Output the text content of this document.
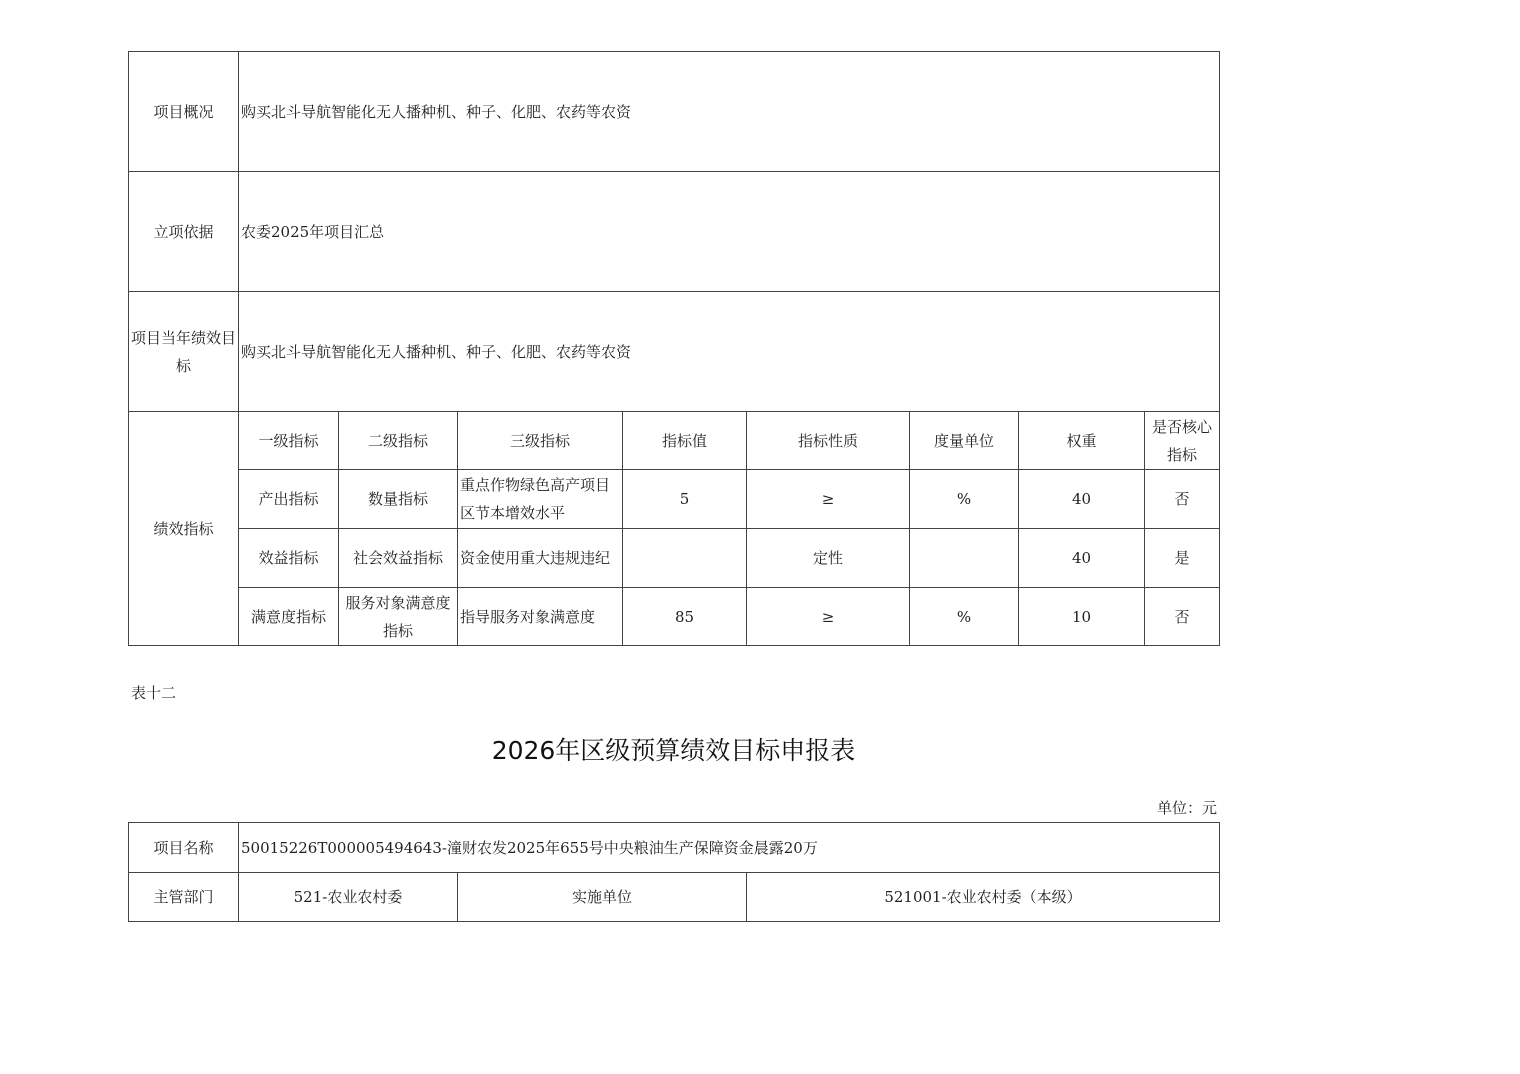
项目概况	购买北斗导航智能化无人播种机、种子、化肥、农药等农资							
立项依据	农委2025年项目汇总							
项目当年绩效目标	购买北斗导航智能化无人播种机、种子、化肥、农药等农资							
绩效指标	一级指标	二级指标	三级指标	指标值	指标性质	度量单位	权重	是否核心指标
	产出指标	数量指标	重点作物绿色高产项目区节本增效水平	5	≥	%	40	否
	效益指标	社会效益指标	资金使用重大违规违纪		定性		40	是
	满意度指标	服务对象满意度指标	指导服务对象满意度	85	≥	%	10	否
表十二
2026年区级预算绩效目标申报表
单位：元
项目名称	50015226T000005494643-潼财农发2025年655号中央粮油生产保障资金晨露20万		
主管部门	521-农业农村委	实施单位	521001-农业农村委（本级）
